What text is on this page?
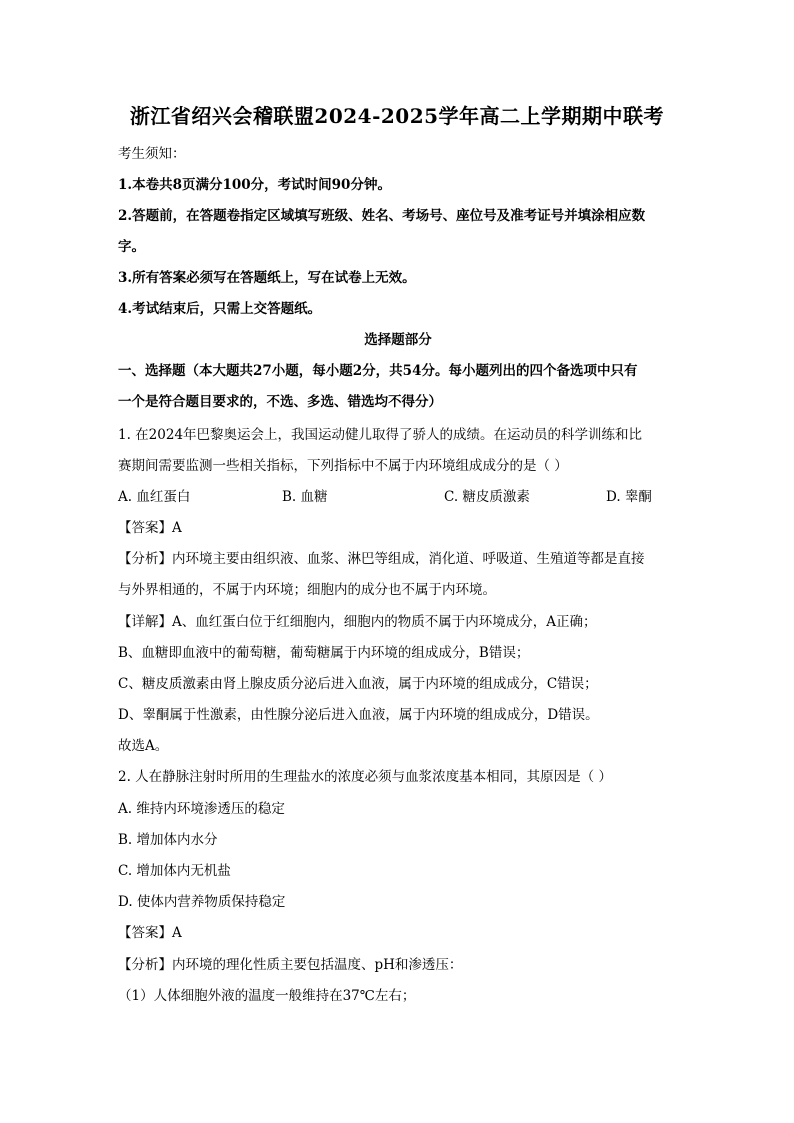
浙江省绍兴会稽联盟2024-2025学年高二上学期期中联考
考生须知：
1.本卷共8页满分100分，考试时间90分钟。
2.答题前，在答题卷指定区域填写班级、姓名、考场号、座位号及准考证号并填涂相应数
字。
3.所有答案必须写在答题纸上，写在试卷上无效。
4.考试结束后，只需上交答题纸。
选择题部分
一、选择题（本大题共27小题，每小题2分，共54分。每小题列出的四个备选项中只有
一个是符合题目要求的，不选、多选、错选均不得分）
1. 在2024年巴黎奥运会上，我国运动健儿取得了骄人的成绩。在运动员的科学训练和比
赛期间需要监测一些相关指标，下列指标中不属于内环境组成成分的是（ ）
A. 血红蛋白	B. 血糖	C. 糖皮质激素	D. 睾酮
【答案】A
【分析】内环境主要由组织液、血浆、淋巴等组成，消化道、呼吸道、生殖道等都是直接
与外界相通的，不属于内环境；细胞内的成分也不属于内环境。
【详解】A、血红蛋白位于红细胞内，细胞内的物质不属于内环境成分，A正确；
B、血糖即血液中的葡萄糖，葡萄糖属于内环境的组成成分，B错误；
C、糖皮质激素由肾上腺皮质分泌后进入血液，属于内环境的组成成分，C错误；
D、睾酮属于性激素，由性腺分泌后进入血液，属于内环境的组成成分，D错误。
故选A。
2. 人在静脉注射时所用的生理盐水的浓度必须与血浆浓度基本相同，其原因是（ ）
A. 维持内环境渗透压的稳定
B. 增加体内水分
C. 增加体内无机盐
D. 使体内营养物质保持稳定
【答案】A
【分析】内环境的理化性质主要包括温度、pH和渗透压：
（1）人体细胞外液的温度一般维持在37℃左右；
